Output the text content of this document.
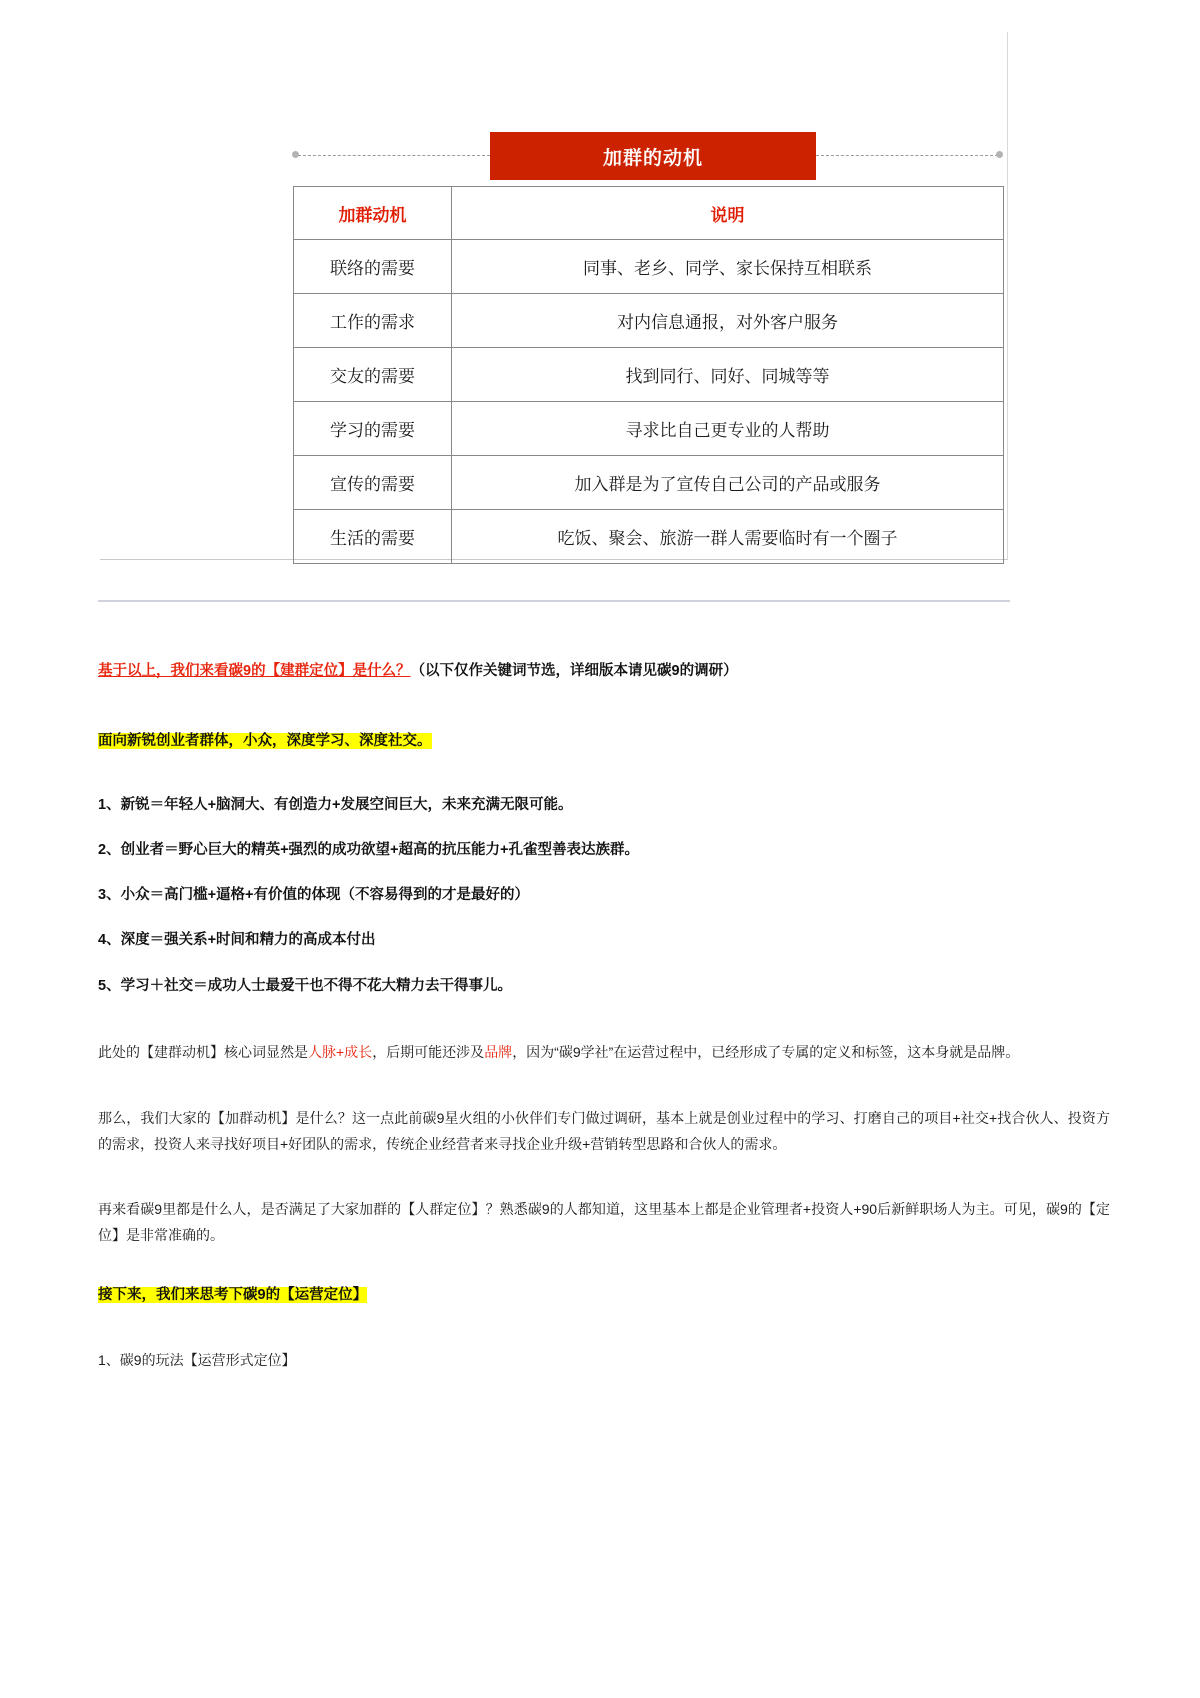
加群的动机
加群动机	说明
联络的需要	同事、老乡、同学、家长保持互相联系
工作的需求	对内信息通报，对外客户服务
交友的需要	找到同行、同好、同城等等
学习的需要	寻求比自己更专业的人帮助
宣传的需要	加入群是为了宣传自己公司的产品或服务
生活的需要	吃饭、聚会、旅游一群人需要临时有一个圈子
基于以上，我们来看碳9的【建群定位】是什么？（以下仅作关键词节选，详细版本请见碳9的调研）
面向新锐创业者群体，小众，深度学习、深度社交。
1、新锐＝年轻人+脑洞大、有创造力+发展空间巨大，未来充满无限可能。
2、创业者＝野心巨大的精英+强烈的成功欲望+超高的抗压能力+孔雀型善表达族群。
3、小众＝高门槛+逼格+有价值的体现（不容易得到的才是最好的）
4、深度＝强关系+时间和精力的高成本付出
5、学习＋社交＝成功人士最爱干也不得不花大精力去干得事儿。

此处的【建群动机】核心词显然是人脉+成长，后期可能还涉及品牌，因为“碳9学社”在运营过程中，已经形成了专属的定义和标签，这本身就是品牌。

那么，我们大家的【加群动机】是什么？这一点此前碳9星火组的小伙伴们专门做过调研，基本上就是创业过程中的学习、打磨自己的项目+社交+找合伙人、投资方的需求，投资人来寻找好项目+好团队的需求，传统企业经营者来寻找企业升级+营销转型思路和合伙人的需求。

再来看碳9里都是什么人，是否满足了大家加群的【人群定位】？熟悉碳9的人都知道，这里基本上都是企业管理者+投资人+90后新鲜职场人为主。可见，碳9的【定位】是非常准确的。

接下来，我们来思考下碳9的【运营定位】
1、碳9的玩法【运营形式定位】
